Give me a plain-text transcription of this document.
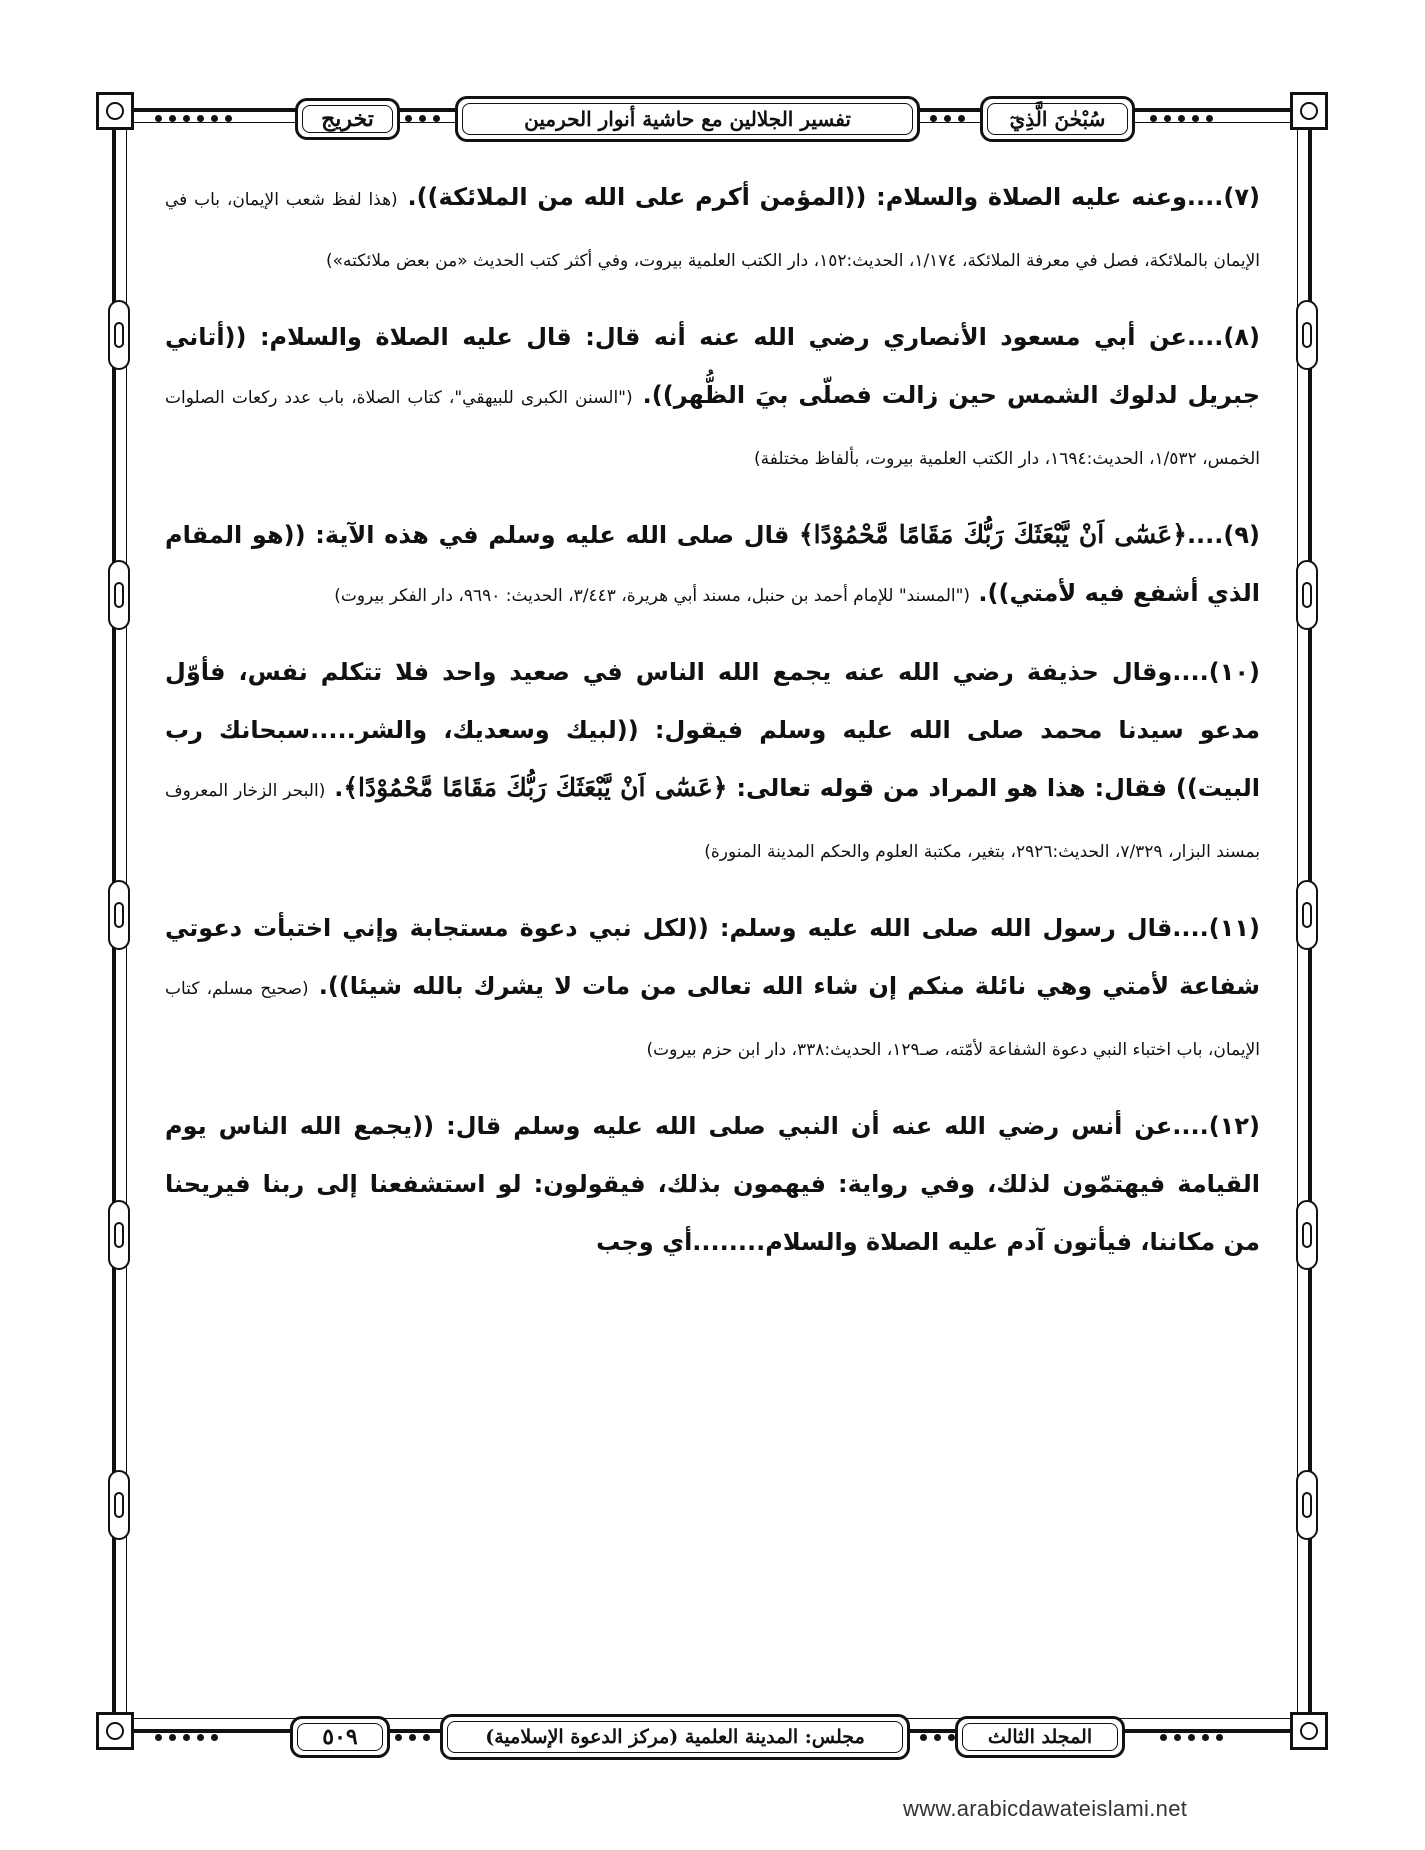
تخريج	تفسير الجلالين مع حاشية أنوار الحرمين	سُبْحٰنَ الَّذِيٓ
(٧)....وعنه عليه الصلاة والسلام: ((المؤمن أكرم على الله من الملائكة)). (هذا لفظ شعب الإيمان، باب في الإيمان بالملائكة، فصل في معرفة الملائكة، ١/١٧٤، الحديث:١٥٢، دار الكتب العلمية بيروت، وفي أكثر كتب الحديث «من بعض ملائكته»)
(٨)....عن أبي مسعود الأنصاري رضي الله عنه أنه قال: قال عليه الصلاة والسلام: ((أتاني جبريل لدلوك الشمس حين زالت فصلّى بيَ الظُّهر)). ("السنن الكبرى للبيهقي"، كتاب الصلاة، باب عدد ركعات الصلوات الخمس، ١/٥٣٢، الحديث:١٦٩٤، دار الكتب العلمية بيروت، بألفاظ مختلفة)
(٩)....﴿عَسٰٓى اَنْ يَّبْعَثَكَ رَبُّكَ مَقَامًا مَّحْمُوْدًا﴾ قال صلى الله عليه وسلم في هذه الآية: ((هو المقام الذي أشفع فيه لأمتي)). ("المسند" للإمام أحمد بن حنبل، مسند أبي هريرة، ٣/٤٤٣، الحديث: ٩٦٩٠، دار الفكر بيروت)
(١٠)....وقال حذيفة رضي الله عنه يجمع الله الناس في صعيد واحد فلا تتكلم نفس، فأوّل مدعو سيدنا محمد صلى الله عليه وسلم فيقول: ((لبيك وسعديك، والشر.....سبحانك رب البيت)) فقال: هذا هو المراد من قوله تعالى: ﴿عَسٰٓى اَنْ يَّبْعَثَكَ رَبُّكَ مَقَامًا مَّحْمُوْدًا﴾. (البحر الزخار المعروف بمسند البزار، ٧/٣٢٩، الحديث:٢٩٢٦، بتغير، مكتبة العلوم والحكم المدينة المنورة)
(١١)....قال رسول الله صلى الله عليه وسلم: ((لكل نبي دعوة مستجابة وإني اختبأت دعوتي شفاعة لأمتي وهي نائلة منكم إن شاء الله تعالى من مات لا يشرك بالله شيئا)). (صحيح مسلم، كتاب الإيمان، باب اختباء النبي دعوة الشفاعة لأمّته، صـ١٢٩، الحديث:٣٣٨، دار ابن حزم بيروت)
(١٢)....عن أنس رضي الله عنه أن النبي صلى الله عليه وسلم قال: ((يجمع الله الناس يوم القيامة فيهتمّون لذلك، وفي رواية: فيهمون بذلك، فيقولون: لو استشفعنا إلى ربنا فيريحنا من مكاننا، فيأتون آدم عليه الصلاة والسلام........أي وجب
٥٠٩	مجلس: المدينة العلمية (مركز الدعوة الإسلامية)	المجلد الثالث
www.arabicdawateislami.net
